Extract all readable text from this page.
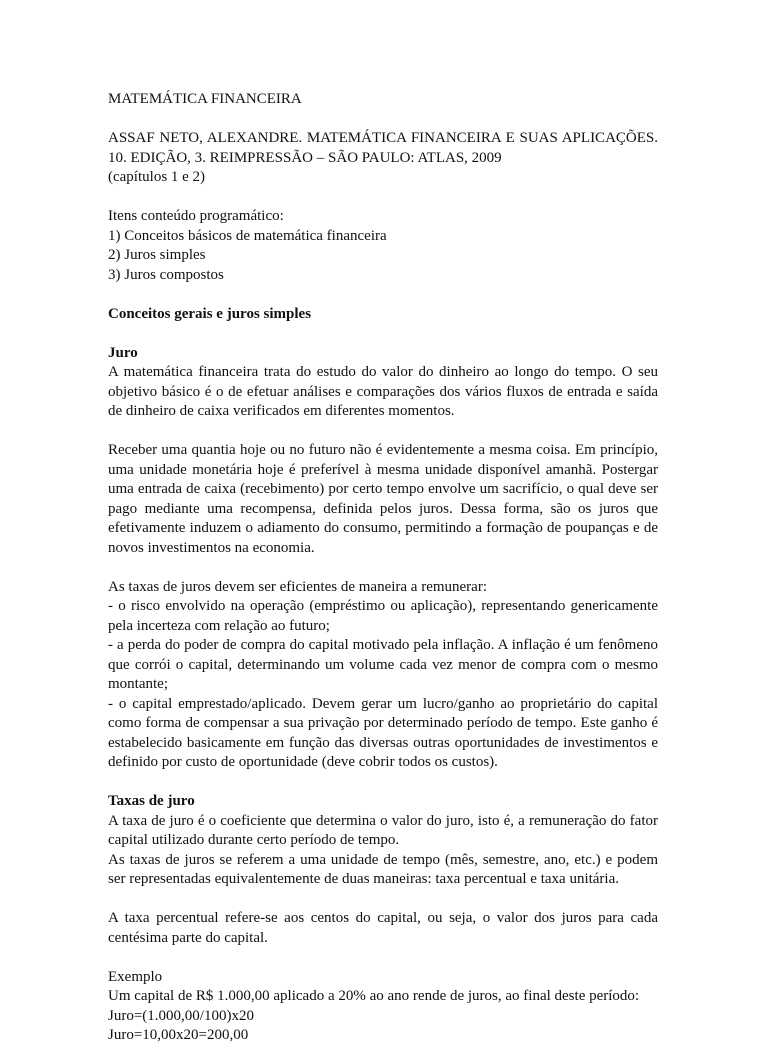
MATEMÁTICA FINANCEIRA

ASSAF NETO, ALEXANDRE. MATEMÁTICA FINANCEIRA E SUAS APLICAÇÕES. 10. EDIÇÃO, 3. REIMPRESSÃO – SÃO PAULO: ATLAS, 2009

(capítulos 1 e 2)

Itens conteúdo programático:

1) Conceitos básicos de matemática financeira

2) Juros simples

3) Juros compostos

Conceitos gerais e juros simples

Juro

A matemática financeira trata do estudo do valor do dinheiro ao longo do tempo. O seu objetivo básico é o de efetuar análises e comparações dos vários fluxos de entrada e saída de dinheiro de caixa verificados em diferentes momentos.

Receber uma quantia hoje ou no futuro não é evidentemente a mesma coisa. Em princípio, uma unidade monetária hoje é preferível à mesma unidade disponível amanhã. Postergar uma entrada de caixa (recebimento) por certo tempo envolve um sacrifício, o qual deve ser pago mediante uma recompensa, definida pelos juros. Dessa forma, são os juros que efetivamente induzem o adiamento do consumo, permitindo a formação de poupanças e de novos investimentos na economia.

As taxas de juros devem ser eficientes de maneira a remunerar:

- o risco envolvido na operação (empréstimo ou aplicação), representando genericamente pela incerteza com relação ao futuro;

- a perda do poder de compra do capital motivado pela inflação. A inflação é um fenômeno que corrói o capital, determinando um volume cada vez menor de compra com o mesmo montante;

- o capital emprestado/aplicado. Devem gerar um lucro/ganho ao proprietário do capital como forma de compensar a sua privação por determinado período de tempo. Este ganho é estabelecido basicamente em função das diversas outras oportunidades de investimentos e definido por custo de oportunidade (deve cobrir todos os custos).

Taxas de juro

A taxa de juro é o coeficiente que determina o valor do juro, isto é, a remuneração do fator capital utilizado durante certo período de tempo.

As taxas de juros se referem a uma unidade de tempo (mês, semestre, ano, etc.) e podem ser representadas equivalentemente de duas maneiras: taxa percentual e taxa unitária.

A taxa percentual refere-se aos centos do capital, ou seja, o valor dos juros para cada centésima parte do capital.

Exemplo

Um capital de R$ 1.000,00 aplicado a 20% ao ano rende de juros, ao final deste período:

Juro=(1.000,00/100)x20

Juro=10,00x20=200,00
